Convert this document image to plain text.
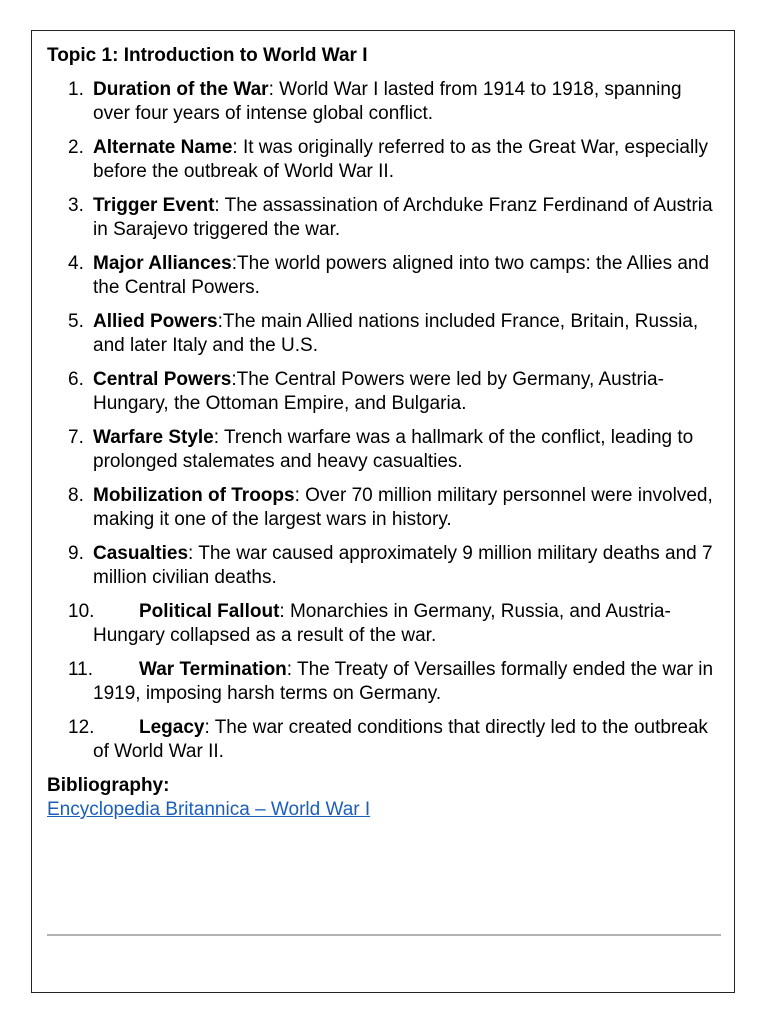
Topic 1: Introduction to World War I
1. Duration of the War: World War I lasted from 1914 to 1918, spanning over four years of intense global conflict.
2. Alternate Name: It was originally referred to as the Great War, especially before the outbreak of World War II.
3. Trigger Event: The assassination of Archduke Franz Ferdinand of Austria in Sarajevo triggered the war.
4. Major Alliances:The world powers aligned into two camps: the Allies and the Central Powers.
5. Allied Powers:The main Allied nations included France, Britain, Russia, and later Italy and the U.S.
6. Central Powers:The Central Powers were led by Germany, Austria-Hungary, the Ottoman Empire, and Bulgaria.
7. Warfare Style: Trench warfare was a hallmark of the conflict, leading to prolonged stalemates and heavy casualties.
8. Mobilization of Troops: Over 70 million military personnel were involved, making it one of the largest wars in history.
9. Casualties: The war caused approximately 9 million military deaths and 7 million civilian deaths.
10. Political Fallout: Monarchies in Germany, Russia, and Austria-Hungary collapsed as a result of the war.
11. War Termination: The Treaty of Versailles formally ended the war in 1919, imposing harsh terms on Germany.
12. Legacy: The war created conditions that directly led to the outbreak of World War II.
Bibliography:
Encyclopedia Britannica – World War I
